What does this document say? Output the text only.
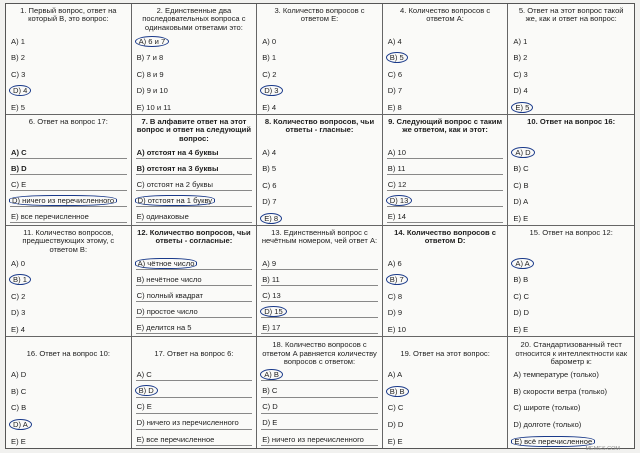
1. Первый вопрос, ответ на который В, это вопрос:
A) 1
B) 2
C) 3
D) 4
E) 5
2. Единственные два последовательных вопроса с одинаковыми ответами это:
A) 6 и 7
B) 7 и 8
C) 8 и 9
D) 9 и 10
E) 10 и 11
3. Количество вопросов с ответом E:
A) 0
B) 1
C) 2
D) 3
E) 4
4. Количество вопросов с ответом A:
A) 4
B) 5
C) 6
D) 7
E) 8
5. Ответ на этот вопрос такой же, как и ответ на вопрос:
A) 1
B) 2
C) 3
D) 4
E) 5
6. Ответ на вопрос 17:
A) C
B) D
C) E
D) ничего из перечисленного
E) все перечисленное
7. В алфавите ответ на этот вопрос и ответ на следующий вопрос:
A) отстоят на 4 буквы
B) отстоят на 3 буквы
C) отстоят на 2 буквы
D) отстоят на 1 букву
E) одинаковые
8. Количество вопросов, чьи ответы - гласные:
A) 4
B) 5
C) 6
D) 7
E) 8
9. Следующий вопрос с таким же ответом, как и этот:
A) 10
B) 11
C) 12
D) 13
E) 14
10. Ответ на вопрос 16:
A) D
B) C
C) B
D) A
E) E
11. Количество вопросов, предшествующих этому, с ответом B:
A) 0
B) 1
C) 2
D) 3
E) 4
12. Количество вопросов, чьи ответы - согласные:
A) чётное число
B) нечётное число
C) полный квадрат
D) простое число
E) делится на 5
13. Единственный вопрос с нечётным номером, чей ответ A:
A) 9
B) 11
C) 13
D) 15
E) 17
14. Количество вопросов с ответом D:
A) 6
B) 7
C) 8
D) 9
E) 10
15. Ответ на вопрос 12:
A) A
B) B
C) C
D) D
E) E
16. Ответ на вопрос 10:
A) D
B) C
C) B
D) A
E) E
17. Ответ на вопрос 6:
A) C
B) D
C) E
D) ничего из перечисленного
E) все перечисленное
18. Количество вопросов с ответом A равняется количеству вопросов с ответом:
A) B
B) C
C) D
D) E
E) ничего из перечисленного
19. Ответ на этот вопрос:
A) A
B) B
C) C
D) D
E) E
20. Стандартизованный тест относится к интеллектности как барометр к:
A) температуре (только)
B) скорости ветра (только)
C) широте (только)
D) долготе (только)
E) всё перечисленное
MEMES.COM
